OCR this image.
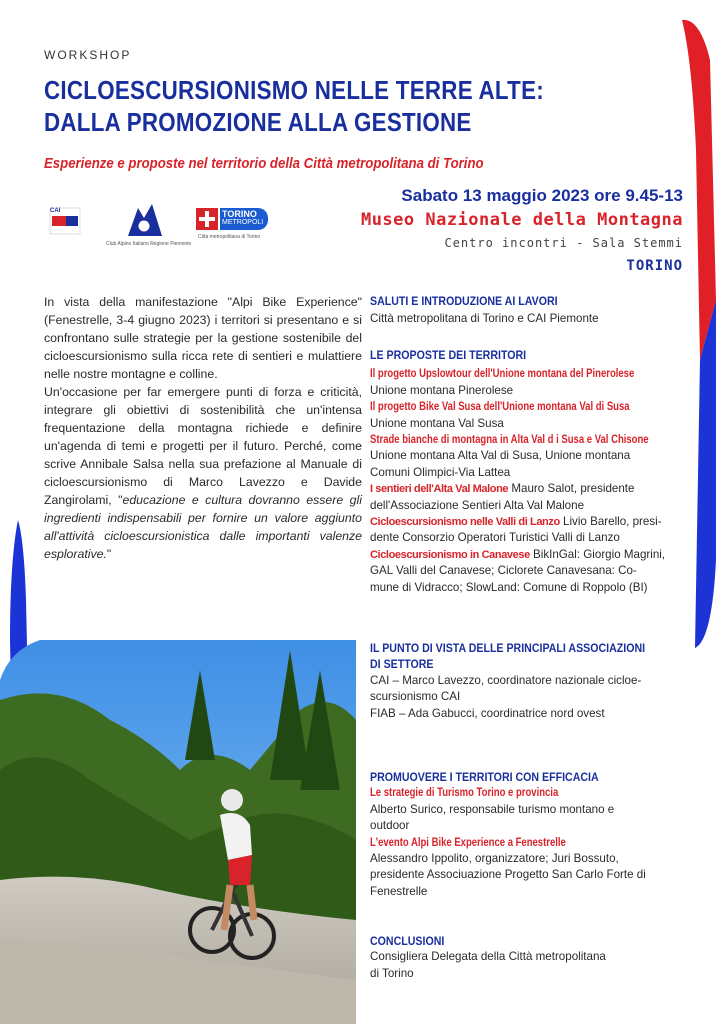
WORKSHOP
CICLOESCURSIONISMO NELLE TERRE ALTE:
DALLA PROMOZIONE ALLA GESTIONE
Esperienze e proposte nel territorio della Città metropolitana di Torino
Sabato 13 maggio 2023 ore 9.45-13
Museo Nazionale della Montagna
Centro incontri - Sala Stemmi
TORINO
CAI
Club Alpino Italiano Regione Piemonte
TORINO
METROPOLI
Città metropolitana di Torino

In vista della manifestazione "Alpi Bike Experience" (Fenestrelle, 3-4 giugno 2023) i territori si presentano e si confrontano sulle strategie per la gestione sostenibile del cicloescursionismo sulla ricca rete di sentieri e mulattiere nelle nostre montagne e colline.

Un'occasione per far emergere punti di forza e criticità, integrare gli obiettivi di sostenibilità che un'intensa frequentazione della montagna richiede e definire un'agenda di temi e progetti per il futuro. Perché, come scrive Annibale Salsa nella sua prefazione al Manuale di cicloescursionismo di Marco Lavezzo e Davide Zangirolami, "educazione e cultura dovranno essere gli ingredienti indispensabili per fornire un valore aggiunto all'attività cicloescursionistica dalle importanti valenze esplorative."

SALUTI E INTRODUZIONE AI LAVORI
Città metropolitana di Torino e CAI Piemonte
LE PROPOSTE DEI TERRITORI
Il progetto Upslowtour dell'Unione montana del Pinerolese
Unione montana Pinerolese
Il progetto Bike Val Susa dell'Unione montana Val di Susa
Unione montana Val Susa
Strade bianche di montagna in Alta Val d i Susa e Val Chisone
Unione montana Alta Val di Susa, Unione montana
Comuni Olimpici-Via Lattea
I sentieri dell'Alta Val Malone Mauro Salot, presidente
dell'Associazione Sentieri Alta Val Malone
Cicloescursionismo nelle Valli di Lanzo Livio Barello, presi-
dente Consorzio Operatori Turistici Valli di Lanzo
Cicloescursionismo in Canavese BikInGal: Giorgio Magrini,
GAL Valli del Canavese; Ciclorete Canavesana: Co-
mune di Vidracco; SlowLand: Comune di Roppolo (BI)
IL PUNTO DI VISTA DELLE PRINCIPALI ASSOCIAZIONI
DI SETTORE
CAI – Marco Lavezzo, coordinatore nazionale cicloe-
scursionismo CAI
FIAB – Ada Gabucci, coordinatrice nord ovest
PROMUOVERE I TERRITORI CON EFFICACIA
Le strategie di Turismo Torino e provincia
Alberto Surico, responsabile turismo montano e
outdoor
L'evento Alpi Bike Experience a Fenestrelle
Alessandro Ippolito, organizzatore; Juri Bossuto,
presidente Associuazione Progetto San Carlo Forte di
Fenestrelle
CONCLUSIONI
Consigliera Delegata della Città metropolitana
di Torino
